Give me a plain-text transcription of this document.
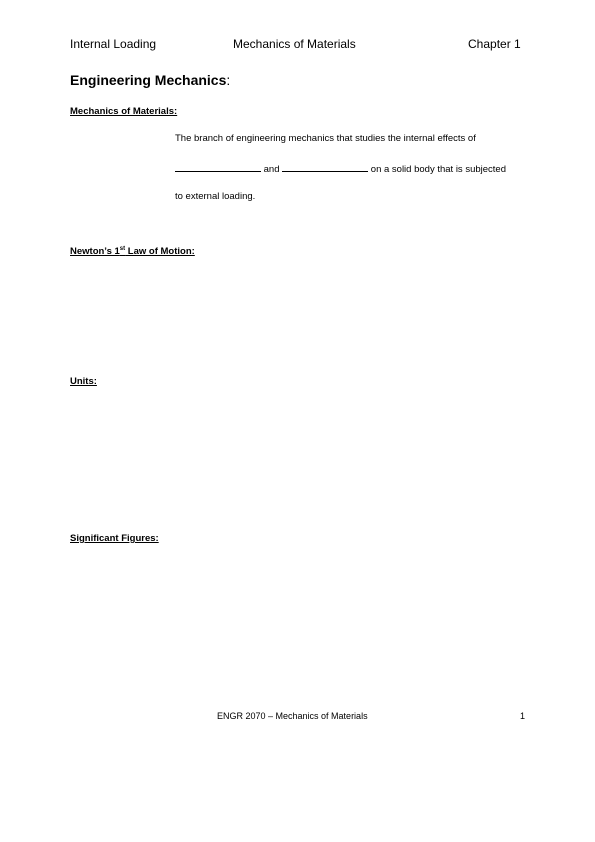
Internal Loading	Mechanics of Materials	Chapter 1
Engineering Mechanics:
Mechanics of Materials:
The branch of engineering mechanics that studies the internal effects of
and	on a solid body that is subjected
to external loading.
Newton’s 1st Law of Motion:
Units:
Significant Figures:
ENGR 2070 – Mechanics of Materials	1
